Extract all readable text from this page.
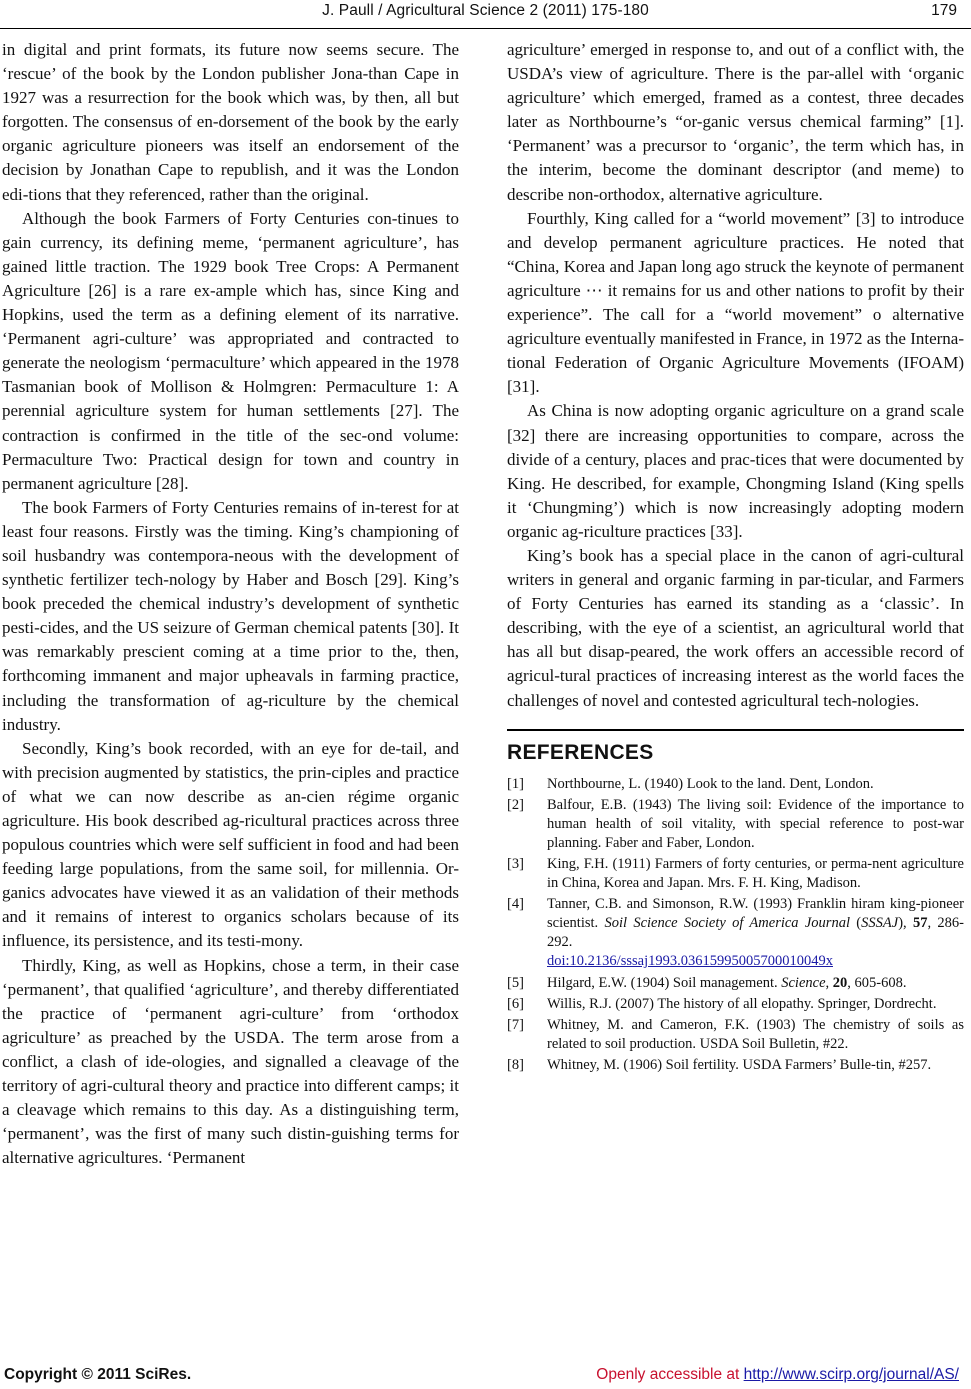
J. Paull / Agricultural Science 2 (2011) 175-180	179

in digital and print formats, its future now seems secure. The ‘rescue’ of the book by the London publisher Jona-than Cape in 1927 was a resurrection for the book which was, by then, all but forgotten. The consensus of en-dorsement of the book by the early organic agriculture pioneers was itself an endorsement of the decision by Jonathan Cape to republish, and it was the London edi-tions that they referenced, rather than the original.

Although the book Farmers of Forty Centuries con-tinues to gain currency, its defining meme, ‘permanent agriculture’, has gained little traction. The 1929 book Tree Crops: A Permanent Agriculture [26] is a rare ex-ample which has, since King and Hopkins, used the term as a defining element of its narrative. ‘Permanent agri-culture’ was appropriated and contracted to generate the neologism ‘permaculture’ which appeared in the 1978 Tasmanian book of Mollison & Holmgren: Permaculture 1: A perennial agriculture system for human settlements [27]. The contraction is confirmed in the title of the sec-ond volume: Permaculture Two: Practical design for town and country in permanent agriculture [28].

The book Farmers of Forty Centuries remains of in-terest for at least four reasons. Firstly was the timing. King’s championing of soil husbandry was contempora-neous with the development of synthetic fertilizer tech-nology by Haber and Bosch [29]. King’s book preceded the chemical industry’s development of synthetic pesti-cides, and the US seizure of German chemical patents [30]. It was remarkably prescient coming at a time prior to the, then, forthcoming immanent and major upheavals in farming practice, including the transformation of ag-riculture by the chemical industry.

Secondly, King’s book recorded, with an eye for de-tail, and with precision augmented by statistics, the prin-ciples and practice of what we can now describe as an-cien régime organic agriculture. His book described ag-ricultural practices across three populous countries which were self sufficient in food and had been feeding large populations, from the same soil, for millennia. Or-ganics advocates have viewed it as an validation of their methods and it remains of interest to organics scholars because of its influence, its persistence, and its testi-mony.

Thirdly, King, as well as Hopkins, chose a term, in their case ‘permanent’, that qualified ‘agriculture’, and thereby differentiated the practice of ‘permanent agri-culture’ from ‘orthodox agriculture’ as preached by the USDA. The term arose from a conflict, a clash of ide-ologies, and signalled a cleavage of the territory of agri-cultural theory and practice into different camps; it a cleavage which remains to this day. As a distinguishing term, ‘permanent’, was the first of many such distin-guishing terms for alternative agricultures. ‘Permanent

agriculture’ emerged in response to, and out of a conflict with, the USDA’s view of agriculture. There is the par-allel with ‘organic agriculture’ which emerged, framed as a contest, three decades later as Northbourne’s “or-ganic versus chemical farming” [1]. ‘Permanent’ was a precursor to ‘organic’, the term which has, in the interim, become the dominant descriptor (and meme) to describe non-orthodox, alternative agriculture.

Fourthly, King called for a “world movement” [3] to introduce and develop permanent agriculture practices. He noted that “China, Korea and Japan long ago struck the keynote of permanent agriculture ⋯ it remains for us and other nations to profit by their experience”. The call for a “world movement” o alternative agriculture eventually manifested in France, in 1972 as the Interna-tional Federation of Organic Agriculture Movements (IFOAM) [31].

As China is now adopting organic agriculture on a grand scale [32] there are increasing opportunities to compare, across the divide of a century, places and prac-tices that were documented by King. He described, for example, Chongming Island (King spells it ‘Chungming’) which is now increasingly adopting modern organic ag-riculture practices [33].

King’s book has a special place in the canon of agri-cultural writers in general and organic farming in par-ticular, and Farmers of Forty Centuries has earned its standing as a ‘classic’. In describing, with the eye of a scientist, an agricultural world that has all but disap-peared, the work offers an accessible record of agricul-tural practices of increasing interest as the world faces the challenges of novel and contested agricultural tech-nologies.

REFERENCES
[1]	Northbourne, L. (1940) Look to the land. Dent, London.
[2]	Balfour, E.B. (1943) The living soil: Evidence of the importance to human health of soil vitality, with special reference to post-war planning. Faber and Faber, London.
[3]	King, F.H. (1911) Farmers of forty centuries, or perma-nent agriculture in China, Korea and Japan. Mrs. F. H. King, Madison.
[4]	Tanner, C.B. and Simonson, R.W. (1993) Franklin hiram king-pioneer scientist. Soil Science Society of America Journal (SSSAJ), 57, 286-292.
doi:10.2136/sssaj1993.03615995005700010049x
[5]	Hilgard, E.W. (1904) Soil management. Science, 20, 605-608.
[6]	Willis, R.J. (2007) The history of all elopathy. Springer, Dordrecht.
[7]	Whitney, M. and Cameron, F.K. (1903) The chemistry of soils as related to soil production. USDA Soil Bulletin, #22.
[8]	Whitney, M. (1906) Soil fertility. USDA Farmers’ Bulle-tin, #257.
Copyright © 2011 SciRes.	Openly accessible at http://www.scirp.org/journal/AS/
